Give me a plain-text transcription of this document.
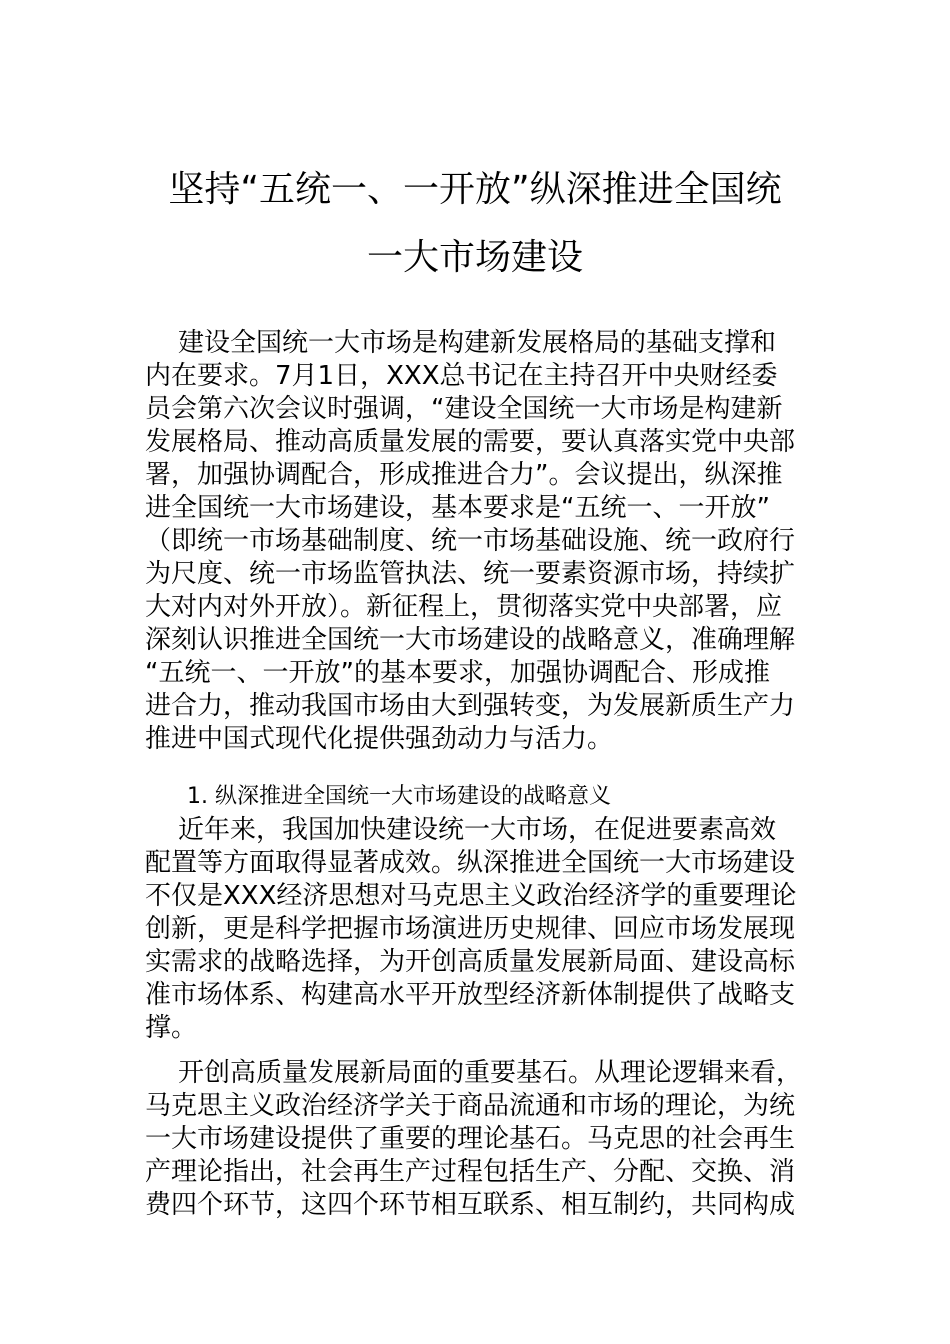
坚持“五统一、一开放”纵深推进全国统
一大市场建设
建设全国统一大市场是构建新发展格局的基础支撑和
内在要求。7月1日，XXX总书记在主持召开中央财经委
员会第六次会议时强调，“建设全国统一大市场是构建新
发展格局、推动高质量发展的需要，要认真落实党中央部
署，加强协调配合，形成推进合力”。会议提出，纵深推
进全国统一大市场建设，基本要求是“五统一、一开放”
（即统一市场基础制度、统一市场基础设施、统一政府行
为尺度、统一市场监管执法、统一要素资源市场，持续扩
大对内对外开放）。新征程上，贯彻落实党中央部署，应
深刻认识推进全国统一大市场建设的战略意义，准确理解
“五统一、一开放”的基本要求，加强协调配合、形成推
进合力，推动我国市场由大到强转变，为发展新质生产力
推进中国式现代化提供强劲动力与活力。
1. 纵深推进全国统一大市场建设的战略意义
近年来，我国加快建设统一大市场，在促进要素高效
配置等方面取得显著成效。纵深推进全国统一大市场建设
不仅是XXX经济思想对马克思主义政治经济学的重要理论
创新，更是科学把握市场演进历史规律、回应市场发展现
实需求的战略选择，为开创高质量发展新局面、建设高标
准市场体系、构建高水平开放型经济新体制提供了战略支
撑。
开创高质量发展新局面的重要基石。从理论逻辑来看，
马克思主义政治经济学关于商品流通和市场的理论，为统
一大市场建设提供了重要的理论基石。马克思的社会再生
产理论指出，社会再生产过程包括生产、分配、交换、消
费四个环节，这四个环节相互联系、相互制约，共同构成
